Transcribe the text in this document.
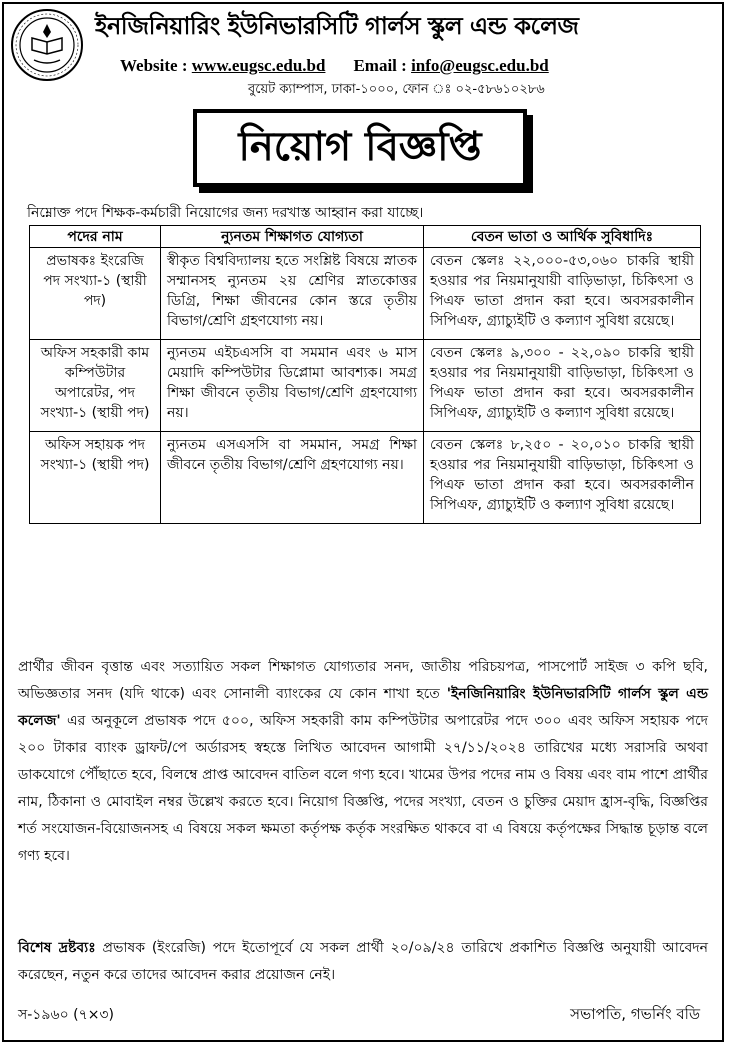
ইনজিনিয়ারিং ইউনিভারসিটি গার্লস স্কুল এন্ড কলেজ
Website : www.eugsc.edu.bd Email : info@eugsc.edu.bd
বুয়েট ক্যাম্পাস, ঢাকা-১০০০, ফোন ঃ ০২-৫৮৬১০২৮৬
নিয়োগ বিজ্ঞপ্তি
নিম্নোক্ত পদে শিক্ষক-কর্মচারী নিয়োগের জন্য দরখাস্ত আহ্বান করা যাচ্ছে।
পদের নাম	ন্যুনতম শিক্ষাগত যোগ্যতা	বেতন ভাতা ও আর্থিক সুবিধাদিঃ
প্রভাষকঃ ইংরেজি পদ সংখ্যা-১ (স্থায়ী পদ)	স্বীকৃত বিশ্ববিদ্যালয় হতে সংশ্লিষ্ট বিষয়ে স্নাতক সম্মানসহ ন্যুনতম ২য় শ্রেণির স্নাতকোত্তর ডিগ্রি, শিক্ষা জীবনের কোন স্তরে তৃতীয় বিভাগ/শ্রেণি গ্রহণযোগ্য নয়।	বেতন স্কেলঃ ২২,০০০-৫৩,০৬০ চাকরি স্থায়ী হওয়ার পর নিয়মানুযায়ী বাড়িভাড়া, চিকিৎসা ও পিএফ ভাতা প্রদান করা হবে। অবসরকালীন সিপিএফ, গ্র্যাচ্যুইটি ও কল্যাণ সুবিধা রয়েছে।
অফিস সহকারী কাম কম্পিউটার অপারেটর, পদ সংখ্যা-১ (স্থায়ী পদ)	ন্যুনতম এইচএসসি বা সমমান এবং ৬ মাস মেয়াদি কম্পিউটার ডিপ্লোমা আবশ্যক। সমগ্র শিক্ষা জীবনে তৃতীয় বিভাগ/শ্রেণি গ্রহণযোগ্য নয়।	বেতন স্কেলঃ ৯,৩০০ - ২২,০৯০ চাকরি স্থায়ী হওয়ার পর নিয়মানুযায়ী বাড়িভাড়া, চিকিৎসা ও পিএফ ভাতা প্রদান করা হবে। অবসরকালীন সিপিএফ, গ্র্যাচ্যুইটি ও কল্যাণ সুবিধা রয়েছে।
অফিস সহায়ক পদ সংখ্যা-১ (স্থায়ী পদ)	ন্যুনতম এসএসসি বা সমমান, সমগ্র শিক্ষা জীবনে তৃতীয় বিভাগ/শ্রেণি গ্রহণযোগ্য নয়।	বেতন স্কেলঃ ৮,২৫০ - ২০,০১০ চাকরি স্থায়ী হওয়ার পর নিয়মানুযায়ী বাড়িভাড়া, চিকিৎসা ও পিএফ ভাতা প্রদান করা হবে। অবসরকালীন সিপিএফ, গ্র্যাচ্যুইটি ও কল্যাণ সুবিধা রয়েছে।
প্রার্থীর জীবন বৃত্তান্ত এবং সত্যায়িত সকল শিক্ষাগত যোগ্যতার সনদ, জাতীয় পরিচয়পত্র, পাসপোর্ট সাইজ ৩ কপি ছবি, অভিজ্ঞতার সনদ (যদি থাকে) এবং সোনালী ব্যাংকের যে কোন শাখা হতে 'ইনজিনিয়ারিং ইউনিভারসিটি গার্লস স্কুল এন্ড কলেজ' এর অনুকূলে প্রভাষক পদে ৫০০, অফিস সহকারী কাম কম্পিউটার অপারেটর পদে ৩০০ এবং অফিস সহায়ক পদে ২০০ টাকার ব্যাংক ড্রাফট/পে অর্ডারসহ স্বহস্তে লিখিত আবেদন আগামী ২৭/১১/২০২৪ তারিখের মধ্যে সরাসরি অথবা ডাকযোগে পৌঁছাতে হবে, বিলম্বে প্রাপ্ত আবেদন বাতিল বলে গণ্য হবে। খামের উপর পদের নাম ও বিষয় এবং বাম পাশে প্রার্থীর নাম, ঠিকানা ও মোবাইল নম্বর উল্লেখ করতে হবে। নিয়োগ বিজ্ঞপ্তি, পদের সংখ্যা, বেতন ও চুক্তির মেয়াদ হ্রাস-বৃদ্ধি, বিজ্ঞপ্তির শর্ত সংযোজন-বিয়োজনসহ এ বিষয়ে সকল ক্ষমতা কর্তৃপক্ষ কর্তৃক সংরক্ষিত থাকবে বা এ বিষয়ে কর্তৃপক্ষের সিদ্ধান্ত চূড়ান্ত বলে গণ্য হবে।
বিশেষ দ্রষ্টব্যঃ প্রভাষক (ইংরেজি) পদে ইতোপূর্বে যে সকল প্রার্থী ২০/০৯/২৪ তারিখে প্রকাশিত বিজ্ঞপ্তি অনুযায়ী আবেদন করেছেন, নতুন করে তাদের আবেদন করার প্রয়োজন নেই।
স-১৯৬০ (৭×৩)	সভাপতি, গভর্নিং বডি
